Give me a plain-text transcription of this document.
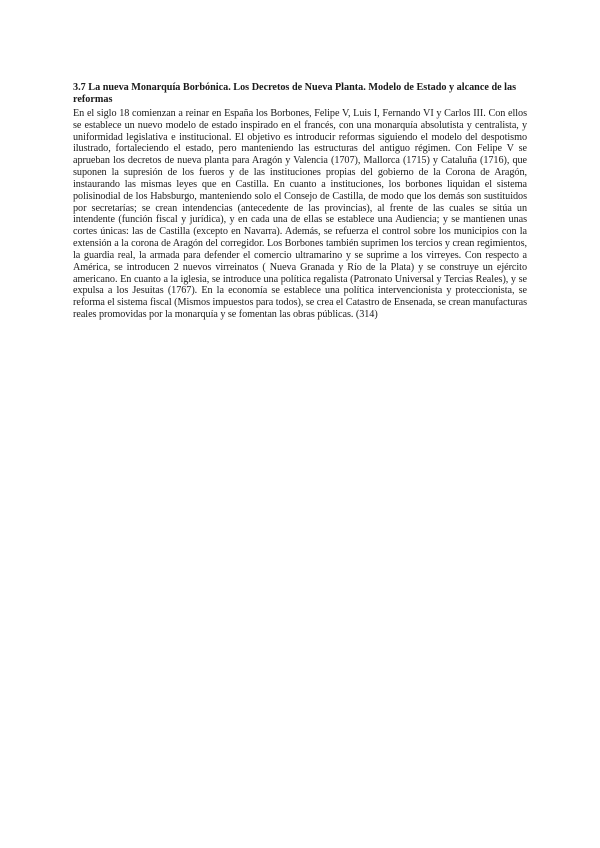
3.7 La nueva Monarquía Borbónica. Los Decretos de Nueva Planta. Modelo de Estado y alcance de las reformas

En el siglo 18 comienzan a reinar en España los Borbones, Felipe V, Luis I, Fernando VI y Carlos III. Con ellos se establece un nuevo modelo de estado inspirado en el francés, con una monarquía absolutista y centralista, y uniformidad legislativa e institucional. El objetivo es introducir reformas siguiendo el modelo del despotismo ilustrado, fortaleciendo el estado, pero manteniendo las estructuras del antiguo régimen. Con Felipe V se aprueban los decretos de nueva planta para Aragón y Valencia (1707), Mallorca (1715) y Cataluña (1716), que suponen la supresión de los fueros y de las instituciones propias del gobierno de la Corona de Aragón, instaurando las mismas leyes que en Castilla. En cuanto a instituciones, los borbones liquidan el sistema polisinodial de los Habsburgo, manteniendo solo el Consejo de Castilla, de modo que los demás son sustituidos por secretarías; se crean intendencias (antecedente de las provincias), al frente de las cuales se sitúa un intendente (función fiscal y jurídica), y en cada una de ellas se establece una Audiencia; y se mantienen unas cortes únicas: las de Castilla (excepto en Navarra). Además, se refuerza el control sobre los municipios con la extensión a la corona de Aragón del corregidor. Los Borbones también suprimen los tercios y crean regimientos, la guardia real, la armada para defender el comercio ultramarino y se suprime a los virreyes. Con respecto a América, se introducen 2 nuevos virreinatos ( Nueva Granada y Río de la Plata) y se construye un ejército americano. En cuanto a la iglesia, se introduce una política regalista (Patronato Universal y Tercias Reales), y se expulsa a los Jesuitas (1767). En la economía se establece una política intervencionista y proteccionista, se reforma el sistema fiscal (Mismos impuestos para todos), se crea el Catastro de Ensenada, se crean manufacturas reales promovidas por la monarquía y se fomentan las obras públicas. (314)
